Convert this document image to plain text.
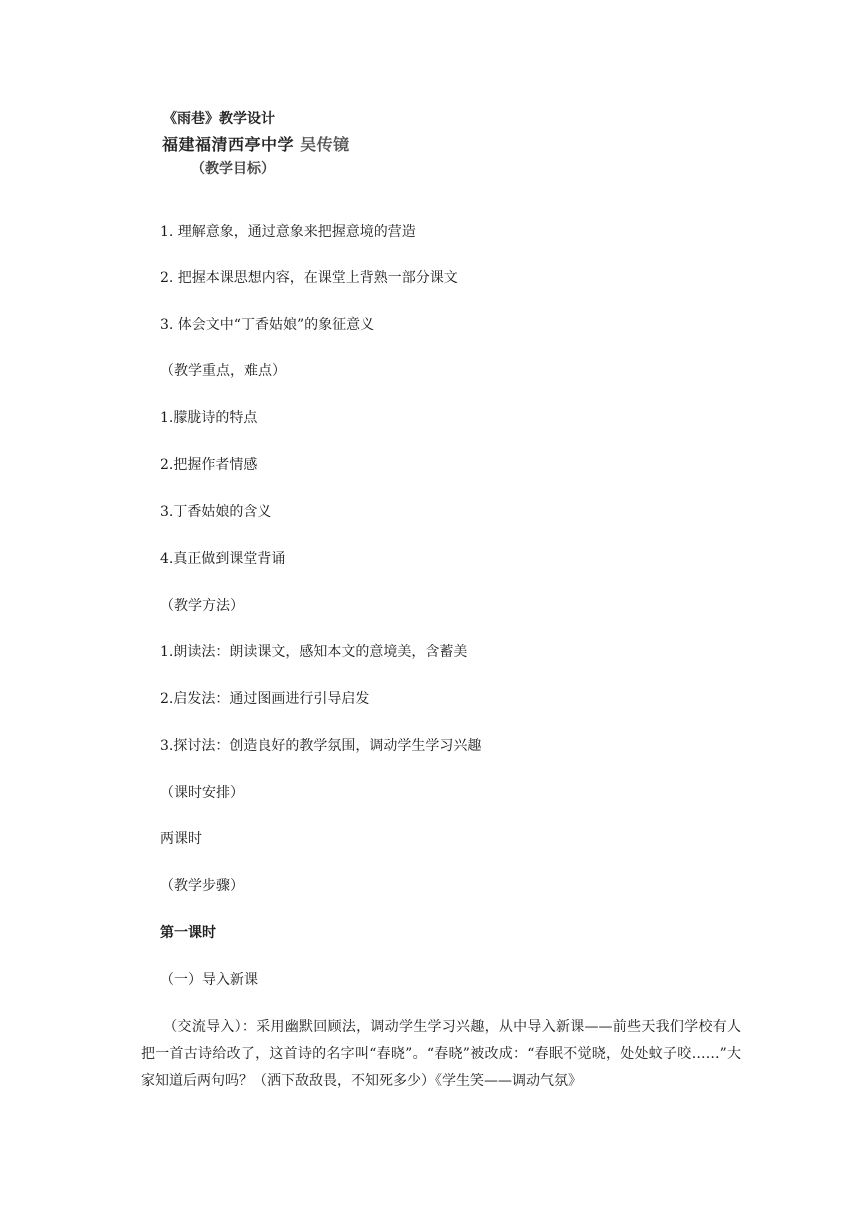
《雨巷》教学设计
福建福清西亭中学 吴传镜
（教学目标）
1. 理解意象，通过意象来把握意境的营造
2. 把握本课思想内容，在课堂上背熟一部分课文
3. 体会文中“丁香姑娘”的象征意义
（教学重点，难点）
1.朦胧诗的特点
2.把握作者情感
3.丁香姑娘的含义
4.真正做到课堂背诵
（教学方法）
1.朗读法：朗读课文，感知本文的意境美，含蓄美
2.启发法：通过图画进行引导启发
3.探讨法：创造良好的教学氛围，调动学生学习兴趣
（课时安排）
两课时
（教学步骤）
第一课时
（一）导入新课
（交流导入）：采用幽默回顾法，调动学生学习兴趣，从中导入新课——前些天我们学校有人把一首古诗给改了，这首诗的名字叫“春晓”。“春晓”被改成：“春眠不觉晓，处处蚊子咬……”大家知道后两句吗？（洒下敌敌畏，不知死多少）《学生笑——调动气氛》
